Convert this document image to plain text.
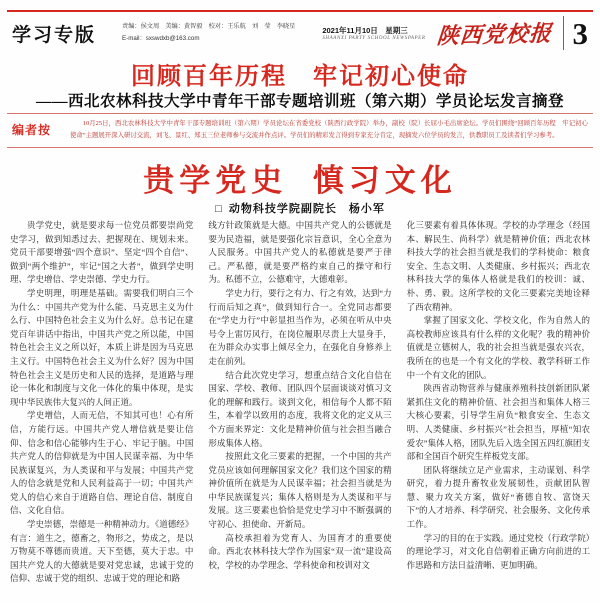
学习专版	责编：侯文周　美编：黄智毅　校对：王乐航　刘　莹　李晓星
E-mail：sxswdxb@163.com
2021年11月10日　星期三
SHAANXI PARTY SCHOOL NEWSPAPER 陕西党校报 3
回顾百年历程　牢记初心使命
——西北农林科技大学中青年干部专题培训班（第六期）学员论坛发言摘登
编者按	10月25日，西北农林科技大学中青年干部专题培训班（第六期）学员论坛在省委党校（陕西行政学院）举办，副校（院）长屈小毛出席论坛。学员们围绕“回顾百年历程　牢记初心使命”主题展开深入研讨交流，刘飞、景红、郑玉三位老师参与交流并作点评。学员们的精彩发言得到专家充分肯定，现摘发六位学员的发言，供教职员工及读者们学习参考。
贵学党史  慎习文化
□ 动物科技学院副院长　杨小军

贵学党史，就是要求每一位党员都要崇尚党史学习，做到知悉过去、把握现在、规划未来。党员干部要增强“四个意识”、坚定“四个自信”、做到“两个维护”，牢记“国之大者”，做到学史明理、学史增信、学史崇德、学史力行。

学史明理，明理是基础。需要我们明白三个为什么：中国共产党为什么能、马克思主义为什么行、中国特色社会主义为什么好。总书记在建党百年讲话中指出，中国共产党之所以能，中国特色社会主义之所以好，本质上讲是因为马克思主义行。中国特色社会主义为什么好？因为中国特色社会主义是历史和人民的选择，是道路与理论一体化和制度与文化一体化的集中体现，是实现中华民族伟大复兴的人间正道。

学史增信，人而无信，不知其可也！心有所信，方能行远。中国共产党人增信就是要让信仰、信念和信心能够内生于心、牢记于脑。中国共产党人的信仰就是为中国人民谋幸福、为中华民族谋复兴，为人类谋和平与发展；中国共产党人的信念就是党和人民利益高于一切；中国共产党人的信心来自于道路自信、理论自信、制度自信、文化自信。

学史崇德，崇德是一种精神动力。《道德经》有言：道生之，德畜之，物形之，势成之，是以万物莫不尊德而贵道。天下至德，莫大于忠。中国共产党人的大德就是要对党忠诚，忠诚于党的信仰、忠诚于党的组织、忠诚于党的理论和路

线方针政策就是大德。中国共产党人的公德就是要为民造福，就是要强化宗旨意识，全心全意为人民服务。中国共产党人的私德就是要严于律己。严私德，就是要严格约束自己的操守和行为。私德不立，公德难守，大德难彰。

学史力行，要行之有力、行之有效，达到“力行而后知之真”，做到知行合一。全党同志都要在“学史力行”中彰显担当作为，必须在听从中央号令上雷厉风行，在岗位履职尽责上大显身手，在为群众办实事上倾尽全力，在强化自身修养上走在前列。

结合此次党史学习，想重点结合文化自信在国家、学校、教师、团队四个层面谈谈对慎习文化的理解和践行。谈到文化，相信每个人都不陌生，本着学以致用的态度，我将文化的定义从三个方面来界定：文化是精神价值与社会担当融合形成集体人格。

按照此文化三要素的把握，一个中国的共产党员应该如何理解国家文化？我们这个国家的精神价值所在就是为人民谋幸福；社会担当就是为中华民族谋复兴；集体人格则是为人类谋和平与发展。这三要素也恰恰是党史学习中不断强调的守初心、担使命、开新局。

高校承担着为党育人、为国育才的重要使命。西北农林科技大学作为国家“双一流”建设高校，学校的办学理念、学科使命和校训对文

化三要素有着具体体现。学校的办学理念（经国本、解民生、尚科学）就是精神价值；西北农林科技大学的社会担当就是我们的学科使命：粮食安全、生态文明、人类健康、乡村振兴；西北农林科技大学的集体人格就是我们的校训：诚、朴、勇、毅。这所学校的文化三要素完美地诠释了西农精神。

掌握了国家文化、学校文化，作为自然人的高校教师应该具有什么样的文化呢？我的精神价值就是立德树人，我的社会担当就是强农兴农，我所在的也是一个有文化的学校、教学科研工作中一个有文化的团队。

陕西省动物营养与健康养殖科技创新团队紧紧抓住文化的精神价值、社会担当和集体人格三大核心要素，引导学生肩负“粮食安全、生态文明、人类健康、乡村振兴”社会担当，厚植“知农爱农”集体人格，团队先后入选全国五四红旗团支部和全国百个研究生样板党支部。

团队将继续立足产业需求，主动谋划、科学研究，着力提升畜牧业发展韧性，贡献团队智慧、聚力攻关方案，做好“畜德自牧、富饶天下”的人才培养、科学研究、社会服务、文化传承工作。

学习的目的在于实践。通过党校（行政学院）的理论学习，对文化自信朝着正确方向前进的工作思路和方法日益清晰、更加明确。
